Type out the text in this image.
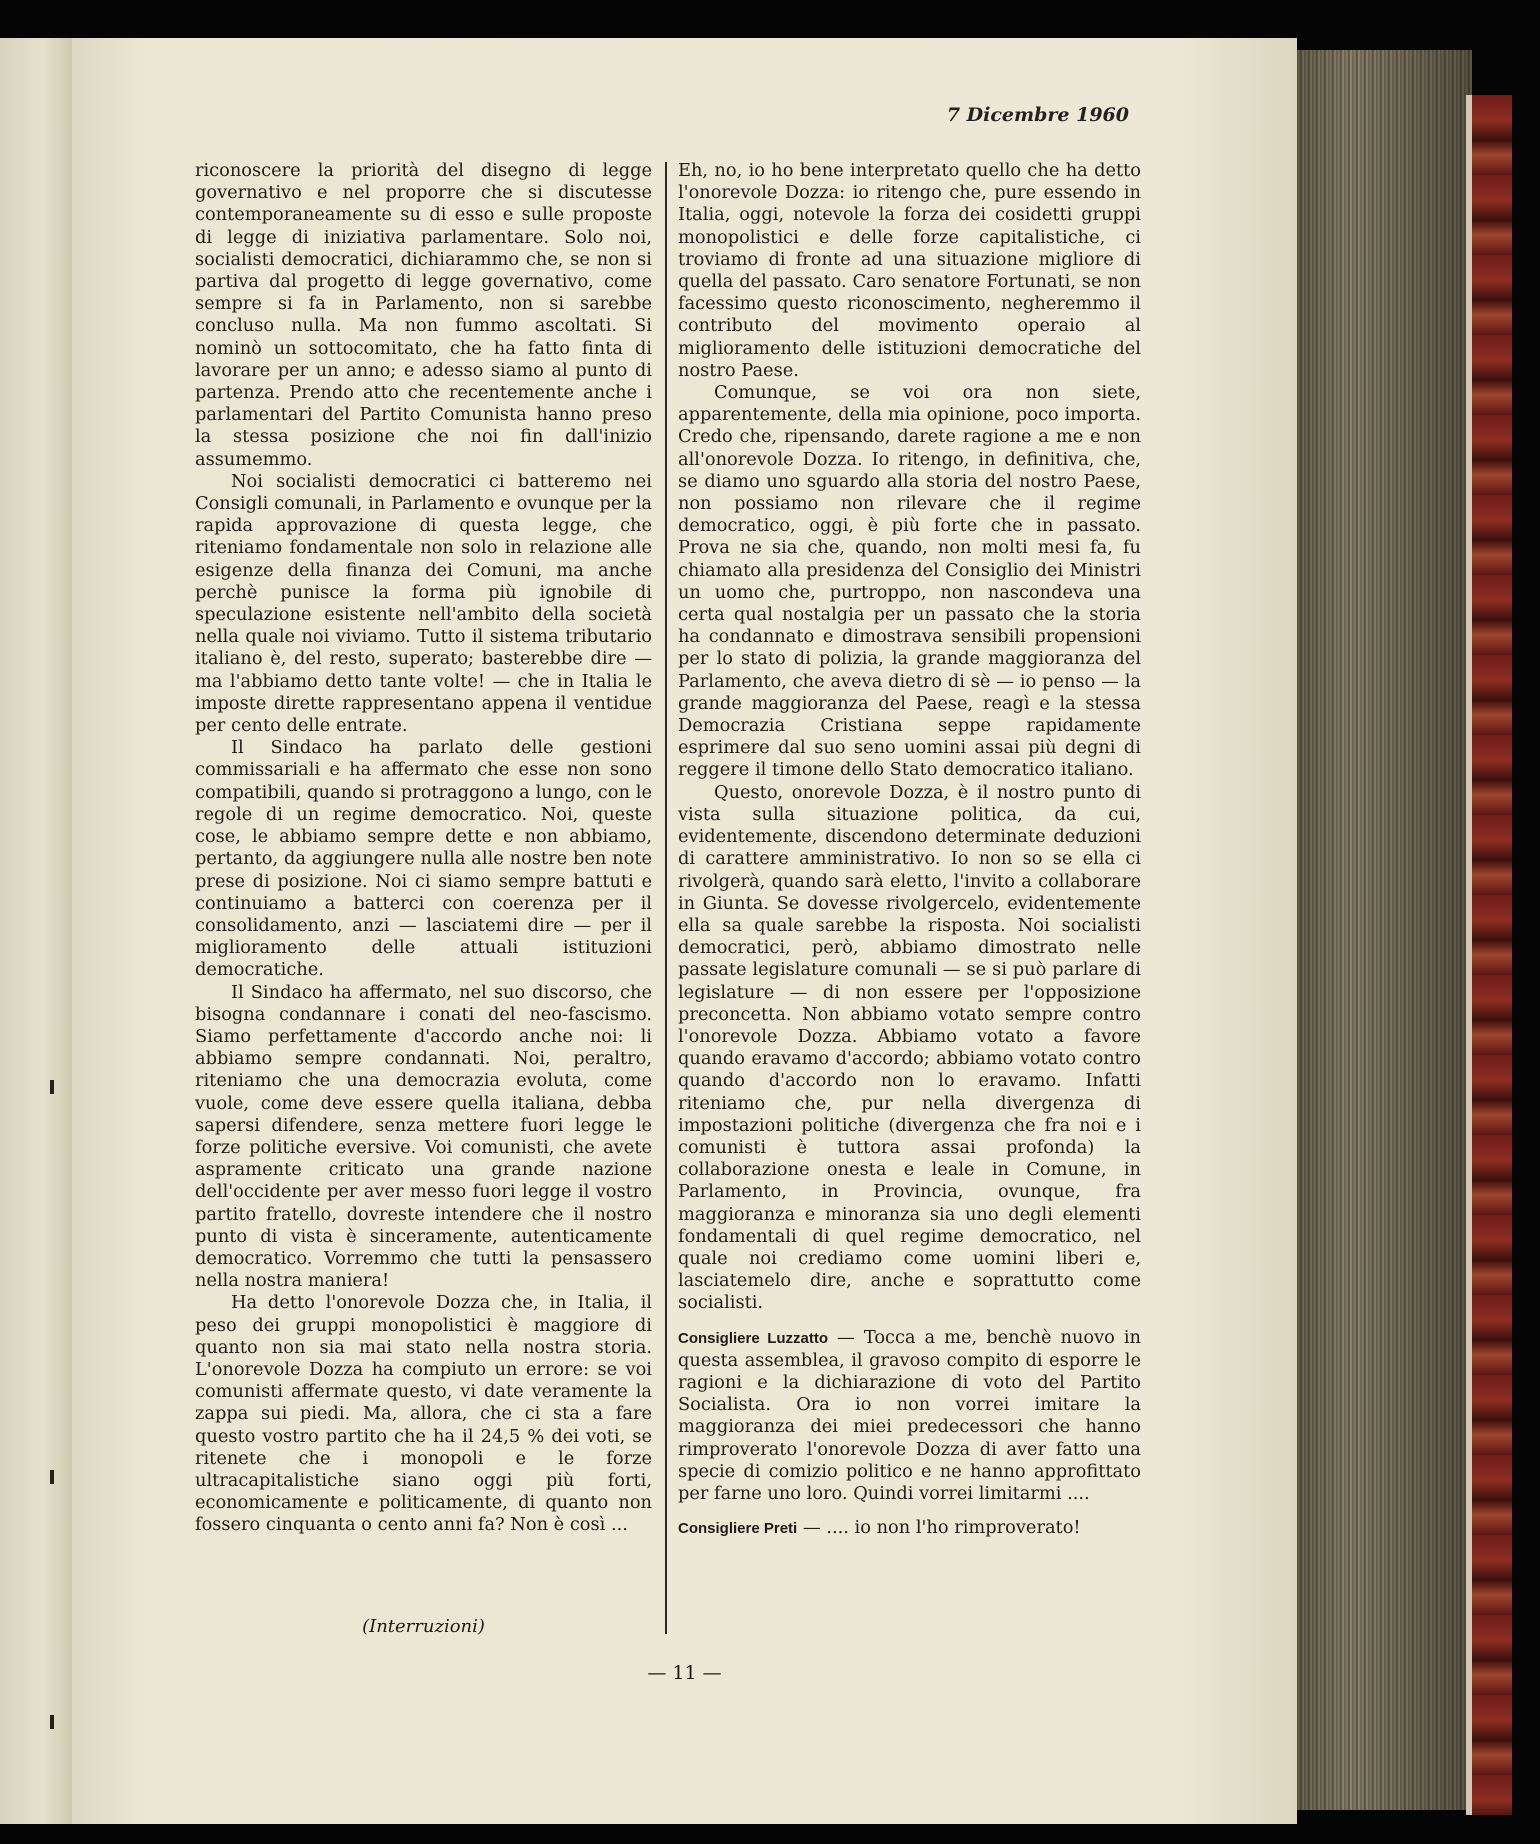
7 Dicembre 1960

riconoscere la priorità del disegno di legge governativo e nel proporre che si discutesse contemporaneamente su di esso e sulle proposte di legge di iniziativa parlamentare. Solo noi, socialisti democratici, dichiarammo che, se non si partiva dal progetto di legge governativo, come sempre si fa in Parlamento, non si sarebbe concluso nulla. Ma non fummo ascoltati. Si nominò un sottocomitato, che ha fatto finta di lavorare per un anno; e adesso siamo al punto di partenza. Prendo atto che recentemente anche i parlamentari del Partito Comunista hanno preso la stessa posizione che noi fin dall'inizio assumemmo.

Noi socialisti democratici ci batteremo nei Consigli comunali, in Parlamento e ovunque per la rapida approvazione di questa legge, che riteniamo fondamentale non solo in relazione alle esigenze della finanza dei Comuni, ma anche perchè punisce la forma più ignobile di speculazione esistente nell'ambito della società nella quale noi viviamo. Tutto il sistema tributario italiano è, del resto, superato; basterebbe dire — ma l'abbiamo detto tante volte! — che in Italia le imposte dirette rappresentano appena il ventidue per cento delle entrate.

Il Sindaco ha parlato delle gestioni commissariali e ha affermato che esse non sono compatibili, quando si protraggono a lungo, con le regole di un regime democratico. Noi, queste cose, le abbiamo sempre dette e non abbiamo, pertanto, da aggiungere nulla alle nostre ben note prese di posizione. Noi ci siamo sempre battuti e continuiamo a batterci con coerenza per il consolidamento, anzi — lasciatemi dire — per il miglioramento delle attuali istituzioni democratiche.

Il Sindaco ha affermato, nel suo discorso, che bisogna condannare i conati del neo-fascismo. Siamo perfettamente d'accordo anche noi: li abbiamo sempre condannati. Noi, peraltro, riteniamo che una democrazia evoluta, come vuole, come deve essere quella italiana, debba sapersi difendere, senza mettere fuori legge le forze politiche eversive. Voi comunisti, che avete aspramente criticato una grande nazione dell'occidente per aver messo fuori legge il vostro partito fratello, dovreste intendere che il nostro punto di vista è sinceramente, autenticamente democratico. Vorremmo che tutti la pensassero nella nostra maniera!

Ha detto l'onorevole Dozza che, in Italia, il peso dei gruppi monopolistici è maggiore di quanto non sia mai stato nella nostra storia. L'onorevole Dozza ha compiuto un errore: se voi comunisti affermate questo, vi date veramente la zappa sui piedi. Ma, allora, che ci sta a fare questo vostro partito che ha il 24,5 % dei voti, se ritenete che i monopoli e le forze ultracapitalistiche siano oggi più forti, economicamente e politicamente, di quanto non fossero cinquanta o cento anni fa? Non è così ...

Eh, no, io ho bene interpretato quello che ha detto l'onorevole Dozza: io ritengo che, pure essendo in Italia, oggi, notevole la forza dei cosidetti gruppi monopolistici e delle forze capitalistiche, ci troviamo di fronte ad una situazione migliore di quella del passato. Caro senatore Fortunati, se non facessimo questo riconoscimento, negheremmo il contributo del movimento operaio al miglioramento delle istituzioni democratiche del nostro Paese.

Comunque, se voi ora non siete, apparentemente, della mia opinione, poco importa. Credo che, ripensando, darete ragione a me e non all'onorevole Dozza. Io ritengo, in definitiva, che, se diamo uno sguardo alla storia del nostro Paese, non possiamo non rilevare che il regime democratico, oggi, è più forte che in passato. Prova ne sia che, quando, non molti mesi fa, fu chiamato alla presidenza del Consiglio dei Ministri un uomo che, purtroppo, non nascondeva una certa qual nostalgia per un passato che la storia ha condannato e dimostrava sensibili propensioni per lo stato di polizia, la grande maggioranza del Parlamento, che aveva dietro di sè — io penso — la grande maggioranza del Paese, reagì e la stessa Democrazia Cristiana seppe rapidamente esprimere dal suo seno uomini assai più degni di reggere il timone dello Stato democratico italiano.

Questo, onorevole Dozza, è il nostro punto di vista sulla situazione politica, da cui, evidentemente, discendono determinate deduzioni di carattere amministrativo. Io non so se ella ci rivolgerà, quando sarà eletto, l'invito a collaborare in Giunta. Se dovesse rivolgercelo, evidentemente ella sa quale sarebbe la risposta. Noi socialisti democratici, però, abbiamo dimostrato nelle passate legislature comunali — se si può parlare di legislature — di non essere per l'opposizione preconcetta. Non abbiamo votato sempre contro l'onorevole Dozza. Abbiamo votato a favore quando eravamo d'accordo; abbiamo votato contro quando d'accordo non lo eravamo. Infatti riteniamo che, pur nella divergenza di impostazioni politiche (divergenza che fra noi e i comunisti è tuttora assai profonda) la collaborazione onesta e leale in Comune, in Parlamento, in Provincia, ovunque, fra maggioranza e minoranza sia uno degli elementi fondamentali di quel regime democratico, nel quale noi crediamo come uomini liberi e, lasciatemelo dire, anche e soprattutto come socialisti.

Consigliere Luzzatto — Tocca a me, benchè nuovo in questa assemblea, il gravoso compito di esporre le ragioni e la dichiarazione di voto del Partito Socialista. Ora io non vorrei imitare la maggioranza dei miei predecessori che hanno rimproverato l'onorevole Dozza di aver fatto una specie di comizio politico e ne hanno approfittato per farne uno loro. Quindi vorrei limitarmi ....

Consigliere Preti — .... io non l'ho rimproverato!

(Interruzioni)
— 11 —
